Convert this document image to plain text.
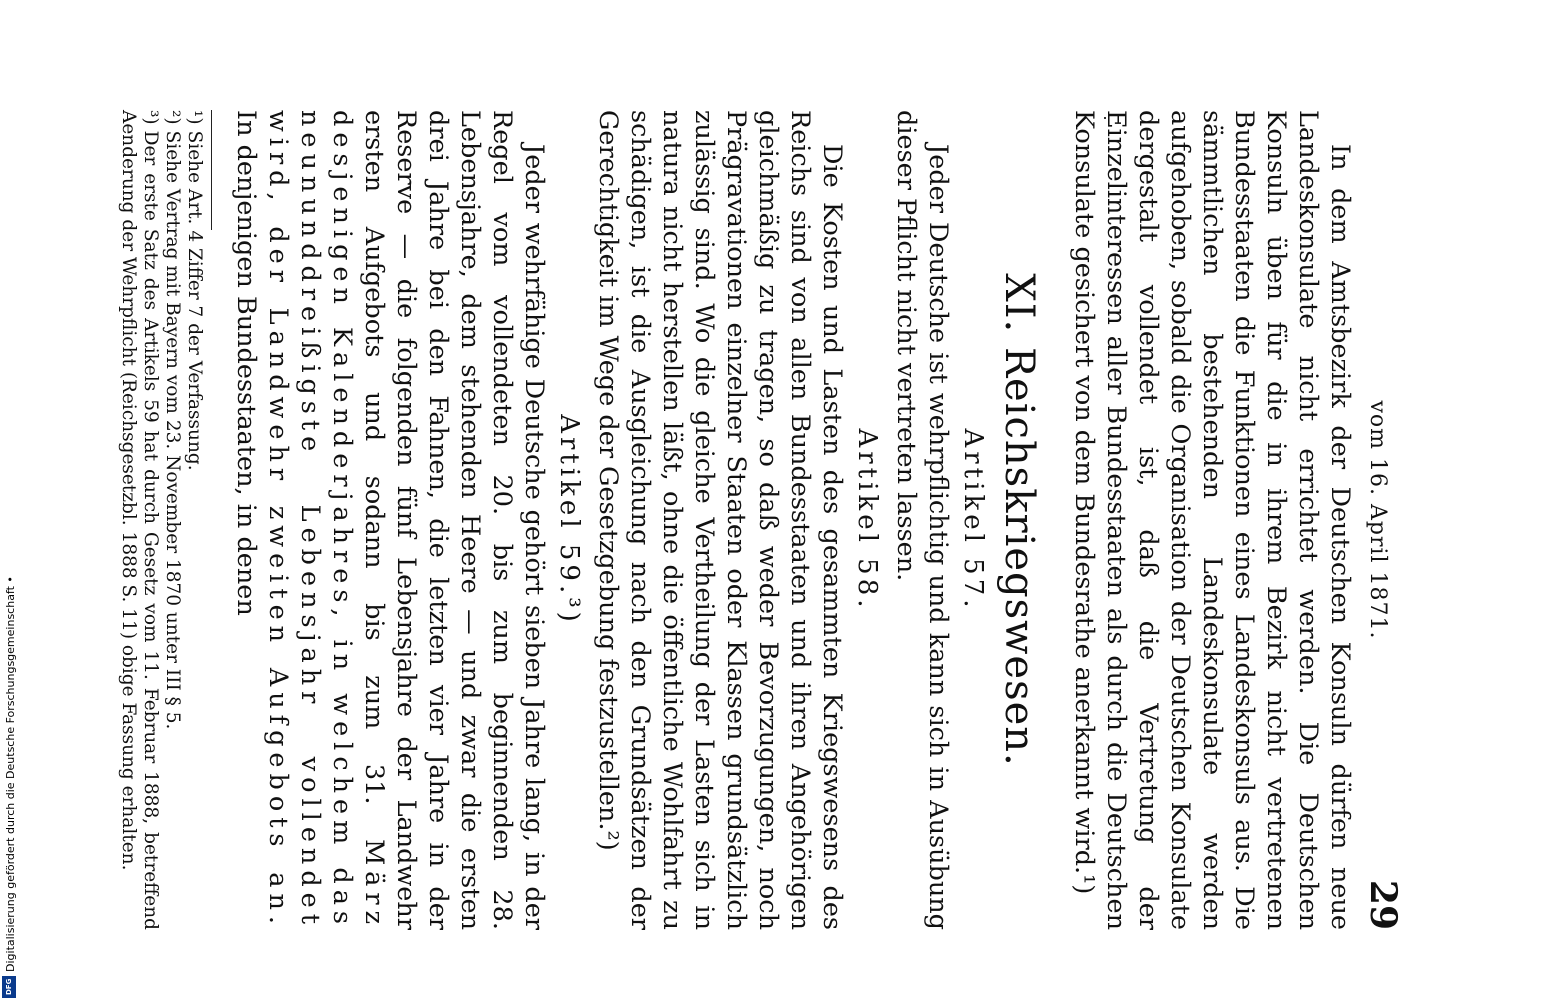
vom 16. April 1871.
29

In dem Amtsbezirk der Deutschen Konsuln dürfen neue Landeskonsulate nicht errichtet werden. Die Deutschen Konsuln üben für die in ihrem Bezirk nicht vertretenen Bundesstaaten die Funktionen eines Landeskonsuls aus. Die sämmtlichen bestehenden Landeskonsulate werden aufgehoben, sobald die Organisation der Deutschen Konsulate dergestalt vollendet ist, daß die Vertretung der Einzelinteressen aller Bundesstaaten als durch die Deutschen Konsulate gesichert von dem Bundesrathe anerkannt wird.¹)

XI. Reichskriegswesen.
Artikel 57.

Jeder Deutsche ist wehrpflichtig und kann sich in Ausübung dieser Pflicht nicht vertreten lassen.

Artikel 58.

Die Kosten und Lasten des gesammten Kriegswesens des Reichs sind von allen Bundesstaaten und ihren Angehörigen gleichmäßig zu tragen, so daß weder Bevorzugungen, noch Prägravationen einzelner Staaten oder Klassen grundsätzlich zulässig sind. Wo die gleiche Vertheilung der Lasten sich in natura nicht herstellen läßt, ohne die öffentliche Wohlfahrt zu schädigen, ist die Ausgleichung nach den Grundsätzen der Gerechtigkeit im Wege der Gesetzgebung festzustellen.²)

Artikel 59.³)

Jeder wehrfähige Deutsche gehört sieben Jahre lang, in der Regel vom vollendeten 20. bis zum beginnenden 28. Lebensjahre, dem stehenden Heere — und zwar die ersten drei Jahre bei den Fahnen, die letzten vier Jahre in der Reserve — die folgenden fünf Lebensjahre der Landwehr ersten Aufgebots und sodann bis zum 31. März desjenigen Kalenderjahres, in welchem das neununddreißigste Lebensjahr vollendet wird, der Landwehr zweiten Aufgebots an. In denjenigen Bundesstaaten, in denen

¹)Siehe Art. 4 Ziffer 7 der Verfassung.

²)Siehe Vertrag mit Bayern vom 23. November 1870 unter III § 5.

³)Der erste Satz des Artikels 59 hat durch Gesetz vom 11. Februar 1888, betreffend Aenderung der Wehrpflicht (Reichsgesetzbl. 1888 S. 11) obige Fassung erhalten.

Digitalisierung gefördert durch die Deutsche Forschungsgemeinschaft •
DFG
